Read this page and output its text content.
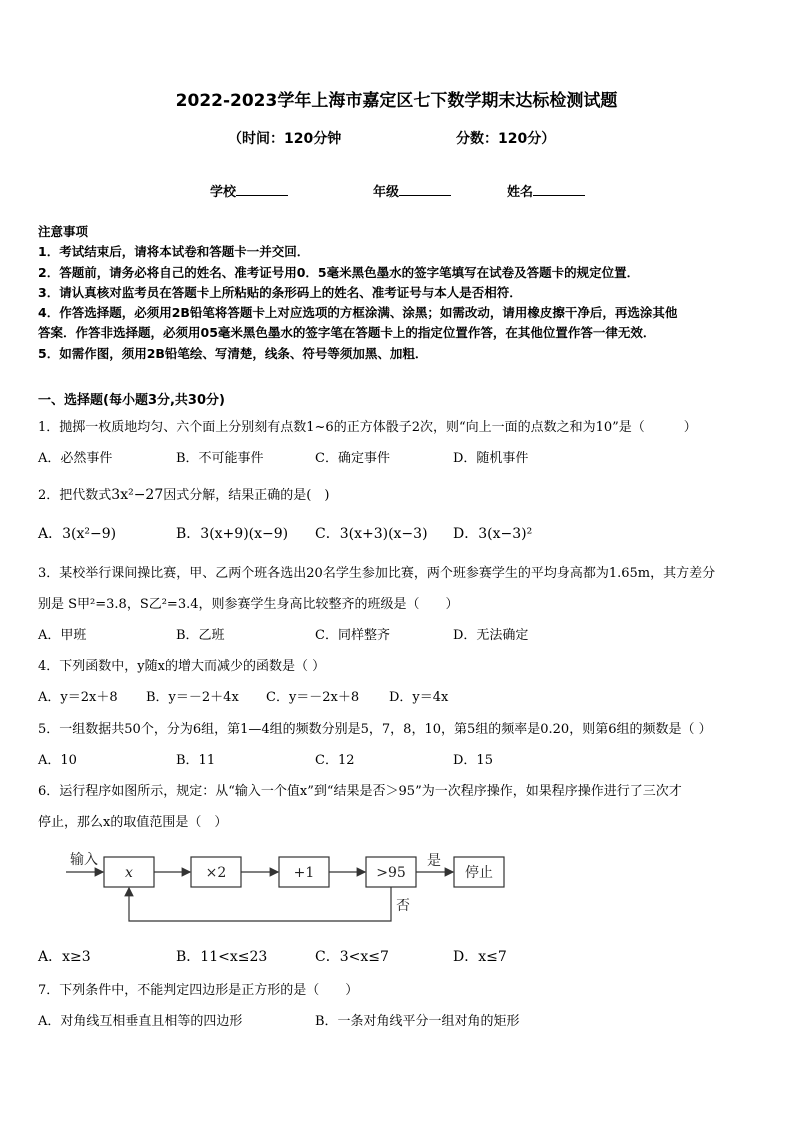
2022-2023学年上海市嘉定区七下数学期末达标检测试题
（时间：120分钟	分数：120分）
学校	年级	姓名
注意事项
1．考试结束后，请将本试卷和答题卡一并交回．
2．答题前，请务必将自己的姓名、准考证号用0．5毫米黑色墨水的签字笔填写在试卷及答题卡的规定位置．
3．请认真核对监考员在答题卡上所粘贴的条形码上的姓名、准考证号与本人是否相符．
4．作答选择题，必须用2B铅笔将答题卡上对应选项的方框涂满、涂黑；如需改动，请用橡皮擦干净后，再选涂其他
答案．作答非选择题，必须用05毫米黑色墨水的签字笔在答题卡上的指定位置作答，在其他位置作答一律无效．
5．如需作图，须用2B铅笔绘、写清楚，线条、符号等须加黑、加粗．
一、选择题(每小题3分,共30分)
1．抛掷一枚质地均匀、六个面上分别刻有点数1~6的正方体骰子2次，则“向上一面的点数之和为10”是（　　　）
A．必然事件	B．不可能事件	C．确定事件	D．随机事件
2．把代数式3x²−27因式分解，结果正确的是(　)
A．3(x²−9)	B．3(x+9)(x−9) C．3(x+3)(x−3) D．3(x−3)²
3．某校举行课间操比赛，甲、乙两个班各选出20名学生参加比赛，两个班参赛学生的平均身高都为1.65m，其方差分
别是 S甲²=3.8，S乙²=3.4，则参赛学生身高比较整齐的班级是（　　）
A．甲班	B．乙班	C．同样整齐	D．无法确定
4．下列函数中，y随x的增大而减少的函数是（ ）
A．y＝2x＋8 B．y＝－2＋4x C．y＝－2x＋8 D．y＝4x
5．一组数据共50个，分为6组，第1—4组的频数分别是5，7，8，10，第5组的频率是0.20，则第6组的频数是（ ）
A．10	B．11	C．12	D．15
6．运行程序如图所示，规定：从“输入一个值x”到“结果是否＞95”为一次程序操作，如果程序操作进行了三次才
停止，那么x的取值范围是（　）
输入
x	×2	+1	>95
是
停止
否
A．x≥3	B．11<x≤23	C．3<x≤7	D．x≤7
7．下列条件中，不能判定四边形是正方形的是（　　）
A．对角线互相垂直且相等的四边形	B．一条对角线平分一组对角的矩形
